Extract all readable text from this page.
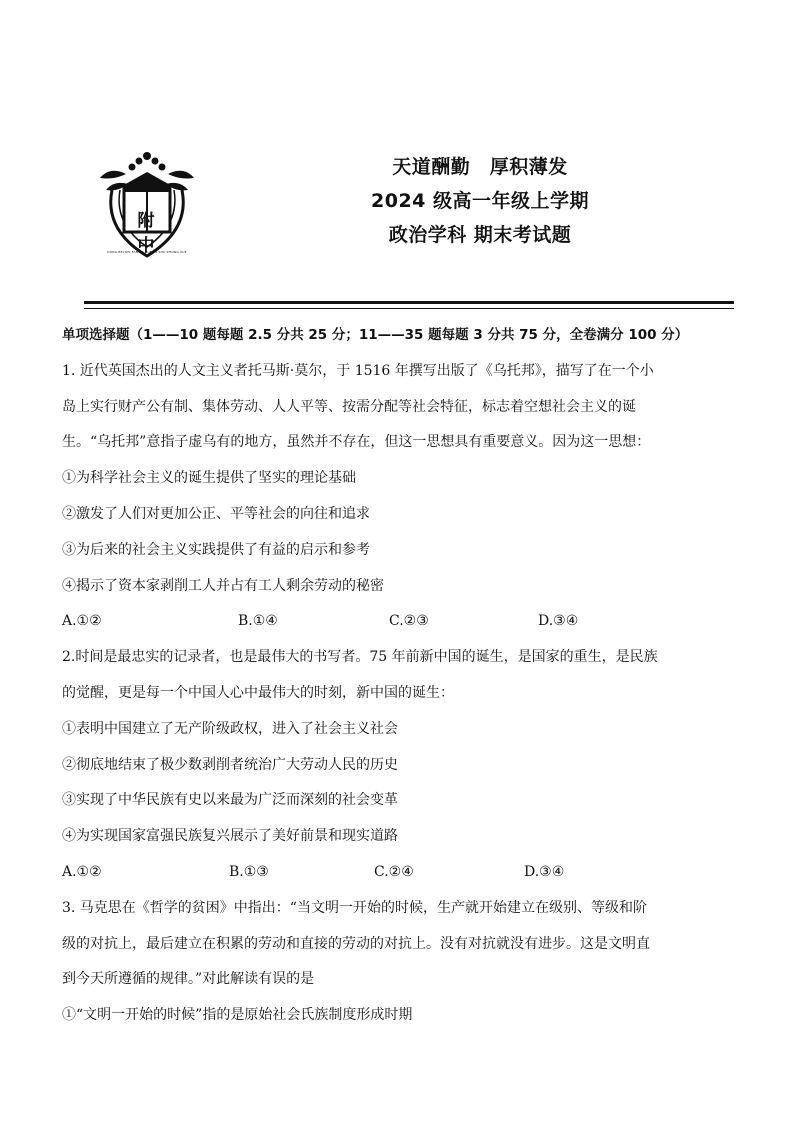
附中
DONG BEI SHI FAN DA XUE FU SHU ZHONG XUE
天道酬勤　厚积薄发
2024 级高一年级上学期
政治学科 期末考试题
单项选择题（1——10 题每题 2.5 分共 25 分；11——35 题每题 3 分共 75 分，全卷满分 100 分）
1. 近代英国杰出的人文主义者托马斯·莫尔，于 1516 年撰写出版了《乌托邦》，描写了在一个小
岛上实行财产公有制、集体劳动、人人平等、按需分配等社会特征，标志着空想社会主义的诞
生。“乌托邦”意指子虚乌有的地方，虽然并不存在，但这一思想具有重要意义。因为这一思想：
①为科学社会主义的诞生提供了坚实的理论基础
②激发了人们对更加公正、平等社会的向往和追求
③为后来的社会主义实践提供了有益的启示和参考
④揭示了资本家剥削工人并占有工人剩余劳动的秘密
A.①②	B.①④	C.②③	D.③④
2.时间是最忠实的记录者，也是最伟大的书写者。75 年前新中国的诞生，是国家的重生，是民族
的觉醒，更是每一个中国人心中最伟大的时刻，新中国的诞生：
①表明中国建立了无产阶级政权，进入了社会主义社会
②彻底地结束了极少数剥削者统治广大劳动人民的历史
③实现了中华民族有史以来最为广泛而深刻的社会变革
④为实现国家富强民族复兴展示了美好前景和现实道路
A.①②	B.①③	C.②④	D.③④
3. 马克思在《哲学的贫困》中指出：“当文明一开始的时候，生产就开始建立在级别、等级和阶
级的对抗上，最后建立在积累的劳动和直接的劳动的对抗上。没有对抗就没有进步。这是文明直
到今天所遵循的规律。”对此解读有误的是
①“文明一开始的时候”指的是原始社会氏族制度形成时期
